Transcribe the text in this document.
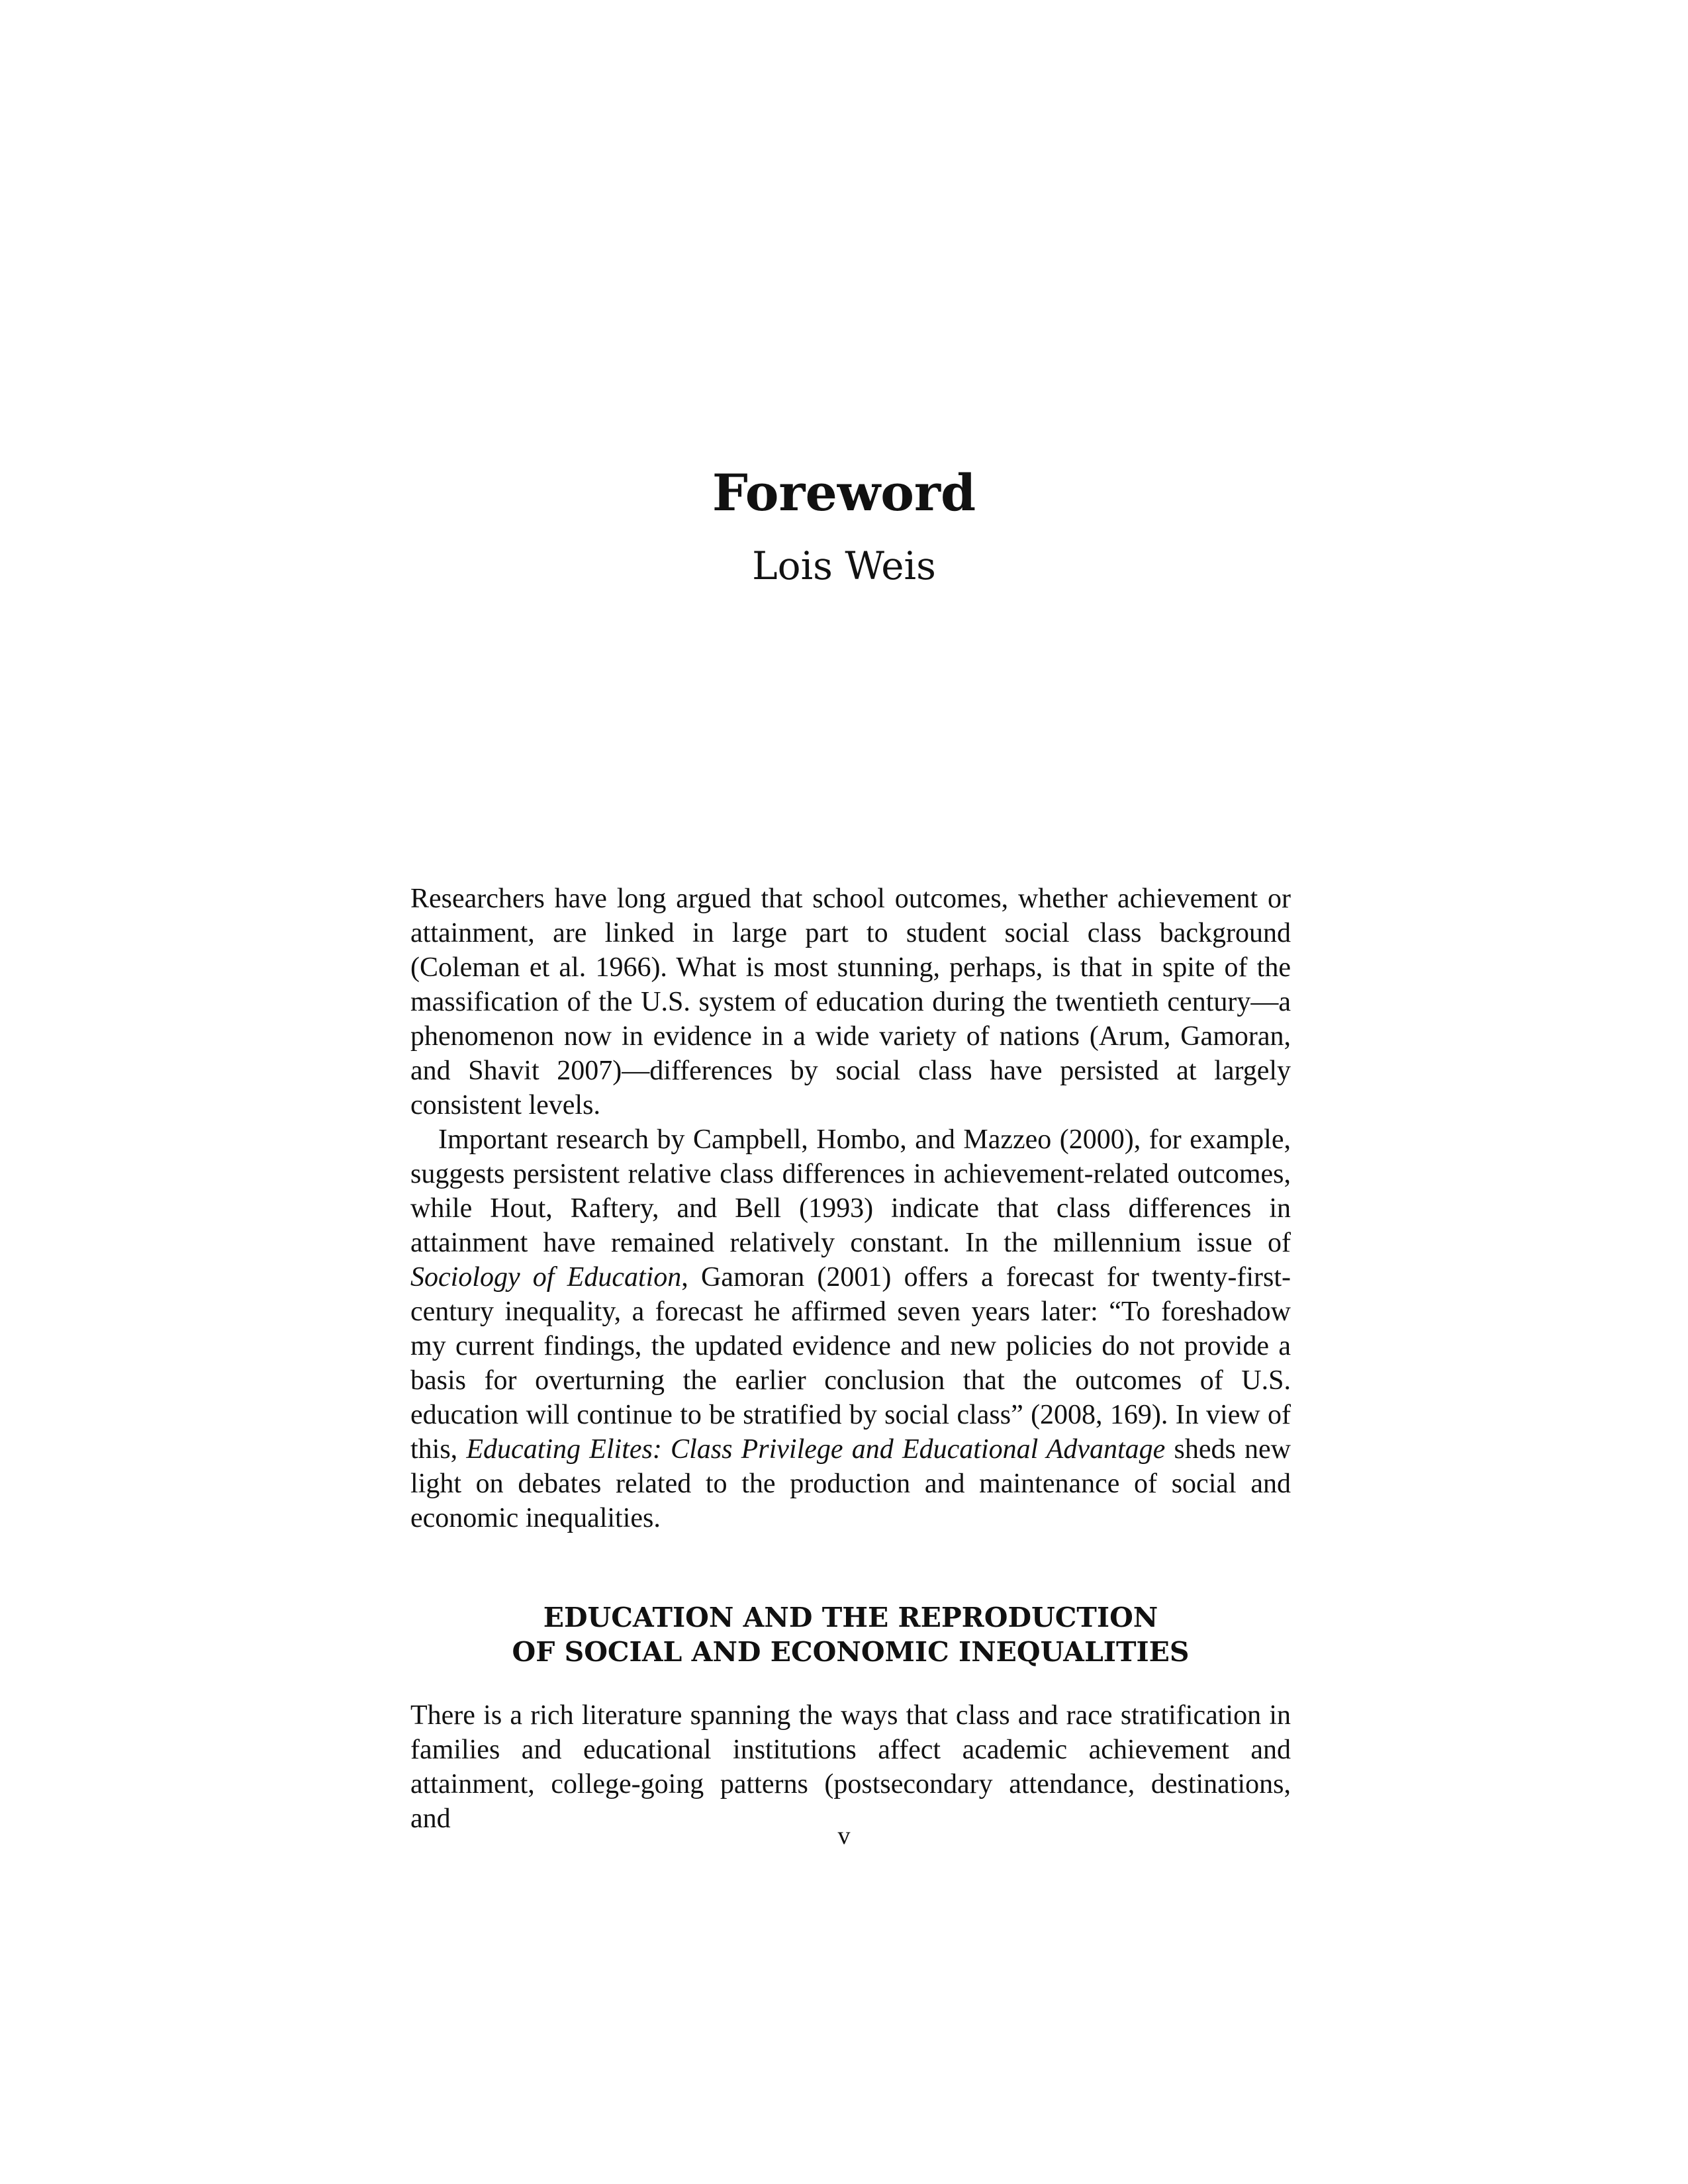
Foreword
Lois Weis

Researchers have long argued that school outcomes, whether achievement or attainment, are linked in large part to student social class background (Coleman et al. 1966). What is most stunning, perhaps, is that in spite of the massification of the U.S. system of education during the twentieth century—a phenomenon now in evidence in a wide variety of nations (Arum, Gamoran, and Shavit 2007)—differences by social class have persisted at largely consistent levels.

Important research by Campbell, Hombo, and Mazzeo (2000), for example, suggests persistent relative class differences in achievement-related outcomes, while Hout, Raftery, and Bell (1993) indicate that class differences in attainment have remained relatively constant. In the millennium issue of Sociology of Education, Gamoran (2001) offers a forecast for twenty-first-century inequality, a forecast he affirmed seven years later: “To foreshadow my current findings, the updated evidence and new policies do not provide a basis for overturning the earlier conclusion that the outcomes of U.S. education will continue to be stratified by social class” (2008, 169). In view of this, Educating Elites: Class Privilege and Educational Advantage sheds new light on debates related to the production and maintenance of social and economic inequalities.

EDUCATION AND THE REPRODUCTION
OF SOCIAL AND ECONOMIC INEQUALITIES

There is a rich literature spanning the ways that class and race stratification in families and educational institutions affect academic achievement and attainment, college-going patterns (postsecondary attendance, destinations, and

v
